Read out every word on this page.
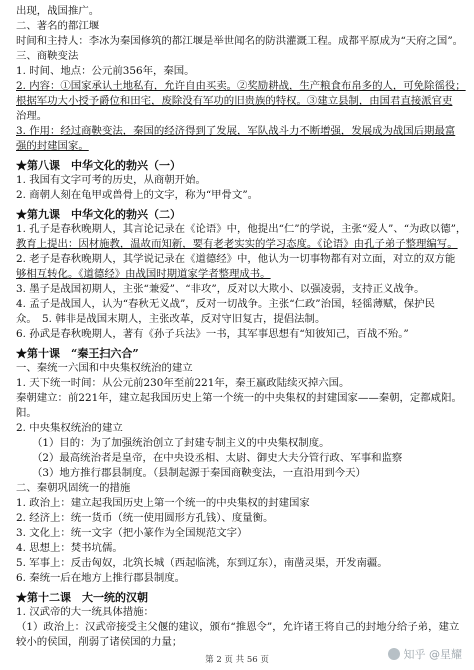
出现，战国推广。
二、著名的都江堰
时间和主持人：李冰为秦国修筑的都江堰是举世闻名的防洪灌溉工程。成都平原成为“天府之国”。
三、商鞅变法
1. 时间、地点：公元前356年，秦国。
2. 内容：①国家承认土地私有，允许自由买卖。②奖励耕战，生产粮食布帛多的人，可免除徭役；
根据军功大小授予爵位和田宅，废除没有军功的旧贵族的特权。③建立县制，由国君直接派官吏
治理。
3. 作用：经过商鞅变法，秦国的经济得到了发展，军队战斗力不断增强，发展成为战国后期最富
强的封建国家。
★第八课　中华文化的勃兴（一）
1. 我国有文字可考的历史，从商朝开始。
2. 商朝人刻在龟甲或兽骨上的文字，称为“甲骨文”。
★第九课　中华文化的勃兴（二）
1. 孔子是春秋晚期人，其言论记录在《论语》中，他提出“仁”的学说，主张“爱人”、“为政以德”，
教育上提出：因材施教，温故而知新，要有老老实实的学习态度。《论语》由孔子弟子整理编写。
2. 老子是春秋晚期人，其学说记录在《道德经》中，他认为一切事物都有对立面，对立的双方能
够相互转化。《道德经》由战国时期道家学者整理成书。
3. 墨子是战国初期人，主张“兼爱”、“非攻”，反对以大欺小、以强凌弱，支持正义战争。
4. 孟子是战国人，认为“春秋无义战”，反对一切战争。主张“仁政”治国，轻徭薄赋，保护民
众。　5. 韩非是战国末期人，主张改革，反对守旧复古，提倡法制。
6. 孙武是春秋晚期人，著有《孙子兵法》一书，其军事思想有“知彼知己，百战不殆。”
★第十课　“秦王扫六合”
一、秦统一六国和中央集权统治的建立
1. 天下统一时间：从公元前230年至前221年，秦王嬴政陆续灭掉六国。
秦朝建立：前221年，建立起我国历史上第一个统一的中央集权的封建国家——秦朝，定都咸阳。
阳。
2. 中央集权统治的建立
（1）目的：为了加强统治创立了封建专制主义的中央集权制度。
（2）最高统治者是皇帝，在中央设丞相、太尉、御史大夫分管行政、军事和监察
（3）地方推行郡县制度。（县制起源于秦国商鞅变法，一直沿用到今天）
二、秦朝巩固统一的措施
1. 政治上：建立起我国历史上第一个统一的中央集权的封建国家
2. 经济上：统一货币（统一使用圆形方孔钱）、度量衡。
3. 文化上：统一文字（把小篆作为全国规范文字）
4. 思想上：焚书坑儒。
5. 军事上：反击匈奴，北筑长城（西起临洮，东到辽东），南凿灵渠，开发南疆。
6. 秦统一后在地方上推行郡县制度。
★第十二课　大一统的汉朝
1. 汉武帝的大一统具体措施：
（1）政治上：汉武帝接受主父偃的建议，颁布“推恩令”，允许诸王将自己的封地分给子弟，建立
较小的侯国，削弱了诸侯国的力量；
第 2 页 共 56 页	知乎 @星耀
